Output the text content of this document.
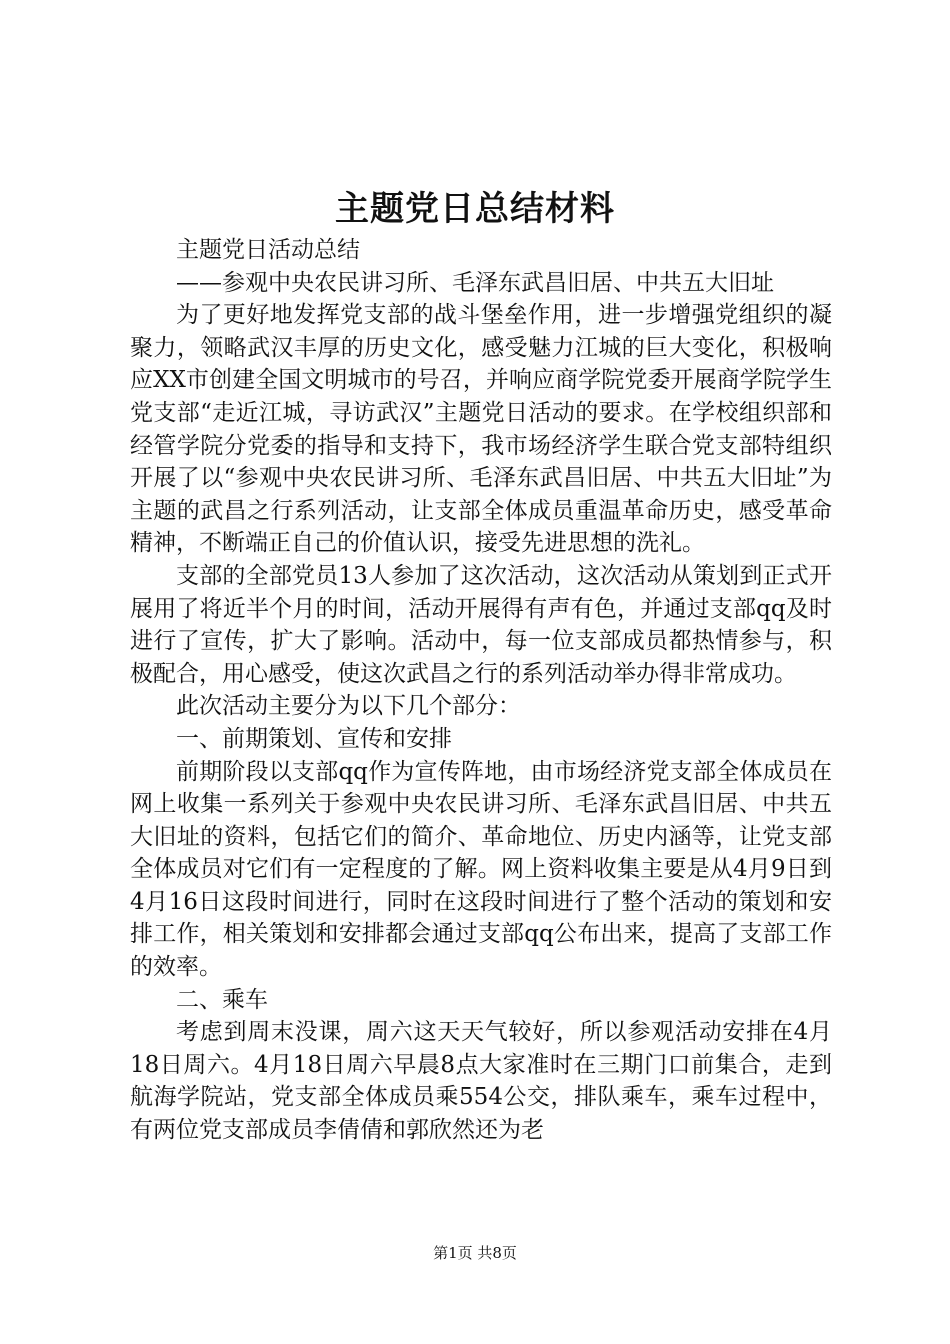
主题党日总结材料

主题党日活动总结

——参观中央农民讲习所、毛泽东武昌旧居、中共五大旧址

为了更好地发挥党支部的战斗堡垒作用，进一步增强党组织的凝聚力，领略武汉丰厚的历史文化，感受魅力江城的巨大变化，积极响应XX市创建全国文明城市的号召，并响应商学院党委开展商学院学生党支部“走近江城，寻访武汉”主题党日活动的要求。在学校组织部和经管学院分党委的指导和支持下，我市场经济学生联合党支部特组织开展了以“参观中央农民讲习所、毛泽东武昌旧居、中共五大旧址”为主题的武昌之行系列活动，让支部全体成员重温革命历史，感受革命精神，不断端正自己的价值认识，接受先进思想的洗礼。

支部的全部党员13人参加了这次活动，这次活动从策划到正式开展用了将近半个月的时间，活动开展得有声有色，并通过支部qq及时进行了宣传，扩大了影响。活动中，每一位支部成员都热情参与，积极配合，用心感受，使这次武昌之行的系列活动举办得非常成功。

此次活动主要分为以下几个部分：

一、前期策划、宣传和安排

前期阶段以支部qq作为宣传阵地，由市场经济党支部全体成员在网上收集一系列关于参观中央农民讲习所、毛泽东武昌旧居、中共五大旧址的资料，包括它们的简介、革命地位、历史内涵等，让党支部全体成员对它们有一定程度的了解。网上资料收集主要是从4月9日到4月16日这段时间进行，同时在这段时间进行了整个活动的策划和安排工作，相关策划和安排都会通过支部qq公布出来，提高了支部工作的效率。

二、乘车

考虑到周末没课，周六这天天气较好，所以参观活动安排在4月18日周六。4月18日周六早晨8点大家准时在三期门口前集合，走到航海学院站，党支部全体成员乘554公交，排队乘车，乘车过程中，有两位党支部成员李倩倩和郭欣然还为老

第1页 共8页
